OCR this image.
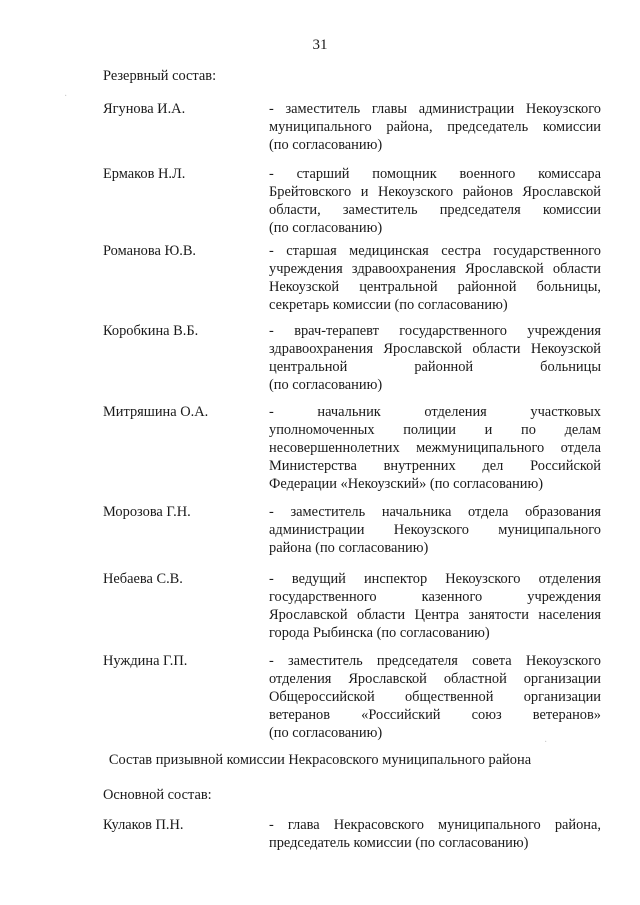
31
Резервный состав:
·
Ягунова И.А.	- заместитель главы администрации Некоузского
муниципального района, председатель комиссии
(по согласованию)
Ермаков Н.Л.	- старший помощник военного комиссара
Брейтовского и Некоузского районов Ярославской
области, заместитель председателя комиссии
(по согласованию)
Романова Ю.В.	- старшая медицинская сестра государственного
учреждения здравоохранения Ярославской области
Некоузской центральной районной больницы,
секретарь комиссии (по согласованию)
Коробкина В.Б.	- врач-терапевт государственного учреждения
здравоохранения Ярославской области Некоузской
центральной районной больницы
(по согласованию)
Митряшина О.А.	- начальник отделения участковых
уполномоченных полиции и по делам
несовершеннолетних межмуниципального отдела
Министерства внутренних дел Российской
Федерации «Некоузский» (по согласованию)
Морозова Г.Н.	- заместитель начальника отдела образования
администрации Некоузского муниципального
района (по согласованию)
Небаева С.В.	- ведущий инспектор Некоузского отделения
государственного казенного учреждения
Ярославской области Центра занятости населения
города Рыбинска (по согласованию)
Нуждина Г.П.	- заместитель председателя совета Некоузского
отделения Ярославской областной организации
Общероссийской общественной организации
ветеранов «Российский союз ветеранов»
(по согласованию)
·
Состав призывной комиссии Некрасовского муниципального района
Основной состав:
Кулаков П.Н.	- глава Некрасовского муниципального района,
председатель комиссии (по согласованию)
